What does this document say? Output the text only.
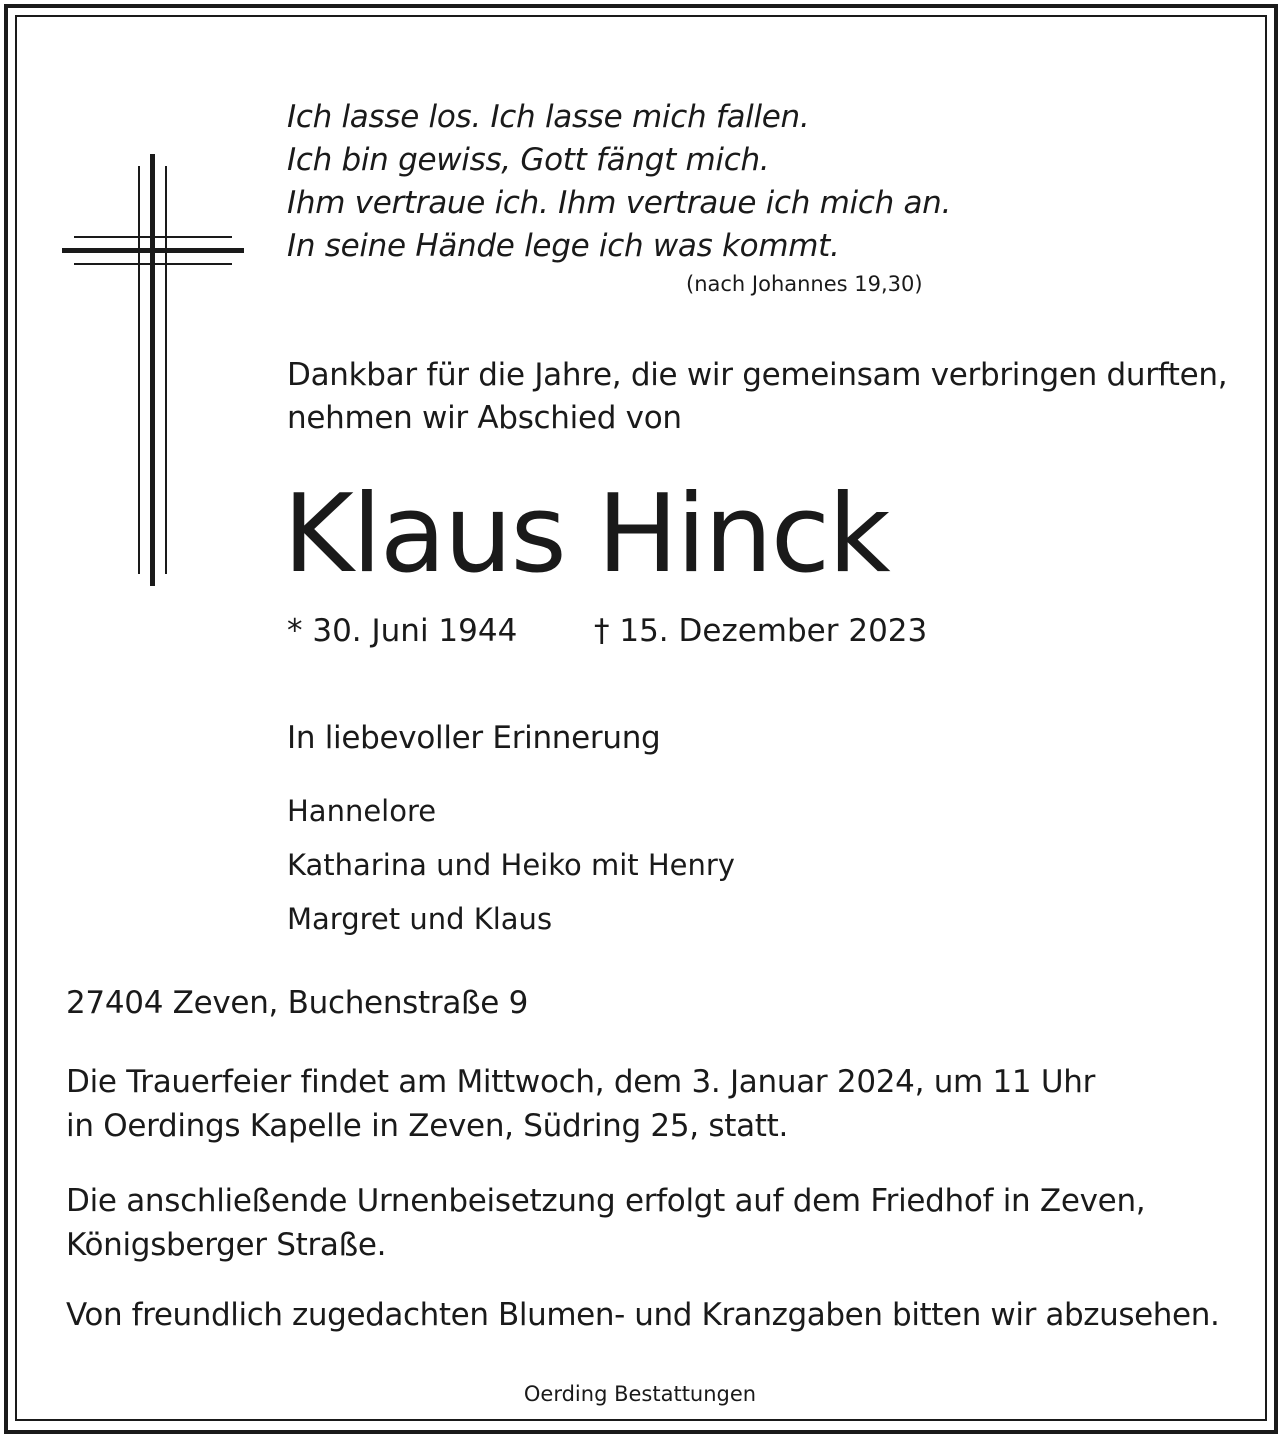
Ich lasse los. Ich lasse mich fallen.
Ich bin gewiss, Gott fängt mich.
Ihm vertraue ich. Ihm vertraue ich mich an.
In seine Hände lege ich was kommt.
(nach Johannes 19,30)
Dankbar für die Jahre, die wir gemeinsam verbringen durften,
nehmen wir Abschied von
Klaus Hinck
* 30. Juni 1944 † 15. Dezember 2023
In liebevoller Erinnerung
Hannelore
Katharina und Heiko mit Henry
Margret und Klaus
27404 Zeven, Buchenstraße 9
Die Trauerfeier findet am Mittwoch, dem 3. Januar 2024, um 11 Uhr
in Oerdings Kapelle in Zeven, Südring 25, statt.
Die anschließende Urnenbeisetzung erfolgt auf dem Friedhof in Zeven,
Königsberger Straße.
Von freundlich zugedachten Blumen- und Kranzgaben bitten wir abzusehen.
Oerding Bestattungen
